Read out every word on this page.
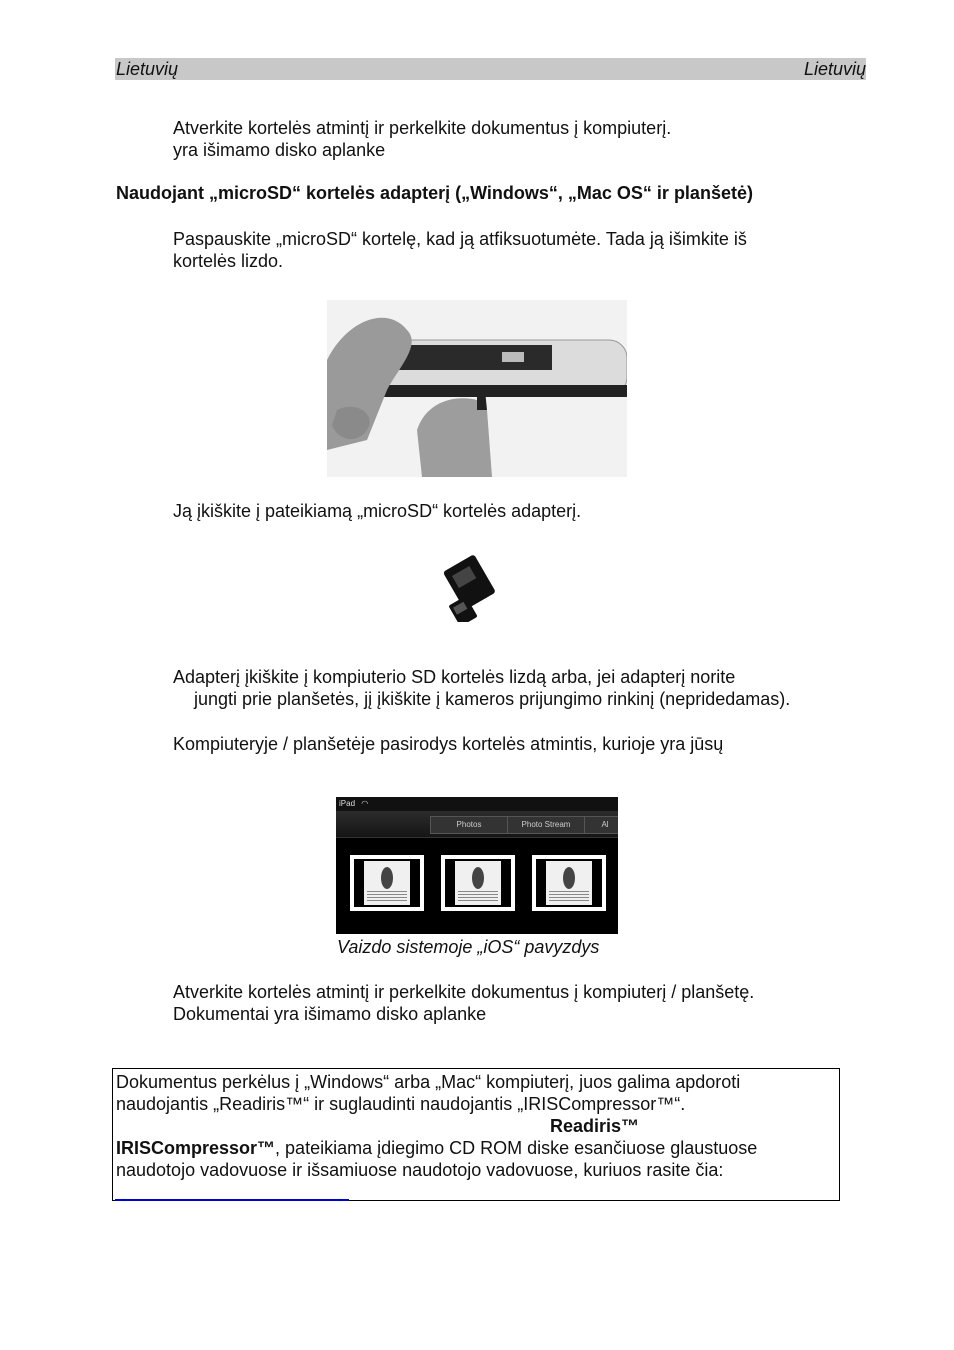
Lietuvių	Lietuvių
Atverkite kortelės atmintį ir perkelkite dokumentus į kompiuterį.
yra išimamo disko aplanke
Naudojant „microSD“ kortelės adapterį („Windows“, „Mac OS“ ir planšetė)
Paspauskite „microSD“ kortelę, kad ją atfiksuotumėte. Tada ją išimkite iš
kortelės lizdo.
Ją įkiškite į pateikiamą „microSD“ kortelės adapterį.
Adapterį įkiškite į kompiuterio SD kortelės lizdą arba, jei adapterį norite
jungti prie planšetės, jį įkiškite į kameros prijungimo rinkinį (nepridedamas).
Kompiuteryje / planšetėje pasirodys kortelės atmintis, kurioje yra jūsų
iPad ◠
Photos	Photo Stream	Al
Vaizdo sistemoje „iOS“ pavyzdys
Atverkite kortelės atmintį ir perkelkite dokumentus į kompiuterį / planšetę.
Dokumentai yra išimamo disko aplanke
Dokumentus perkėlus į „Windows“ arba „Mac“ kompiuterį, juos galima apdoroti
naudojantis „Readiris™“ ir suglaudinti naudojantis „IRISCompressor™“.
Readiris™
IRISCompressor™, pateikiama įdiegimo CD ROM diske esančiuose glaustuose
naudotojo vadovuose ir išsamiuose naudotojo vadovuose, kuriuos rasite čia:
